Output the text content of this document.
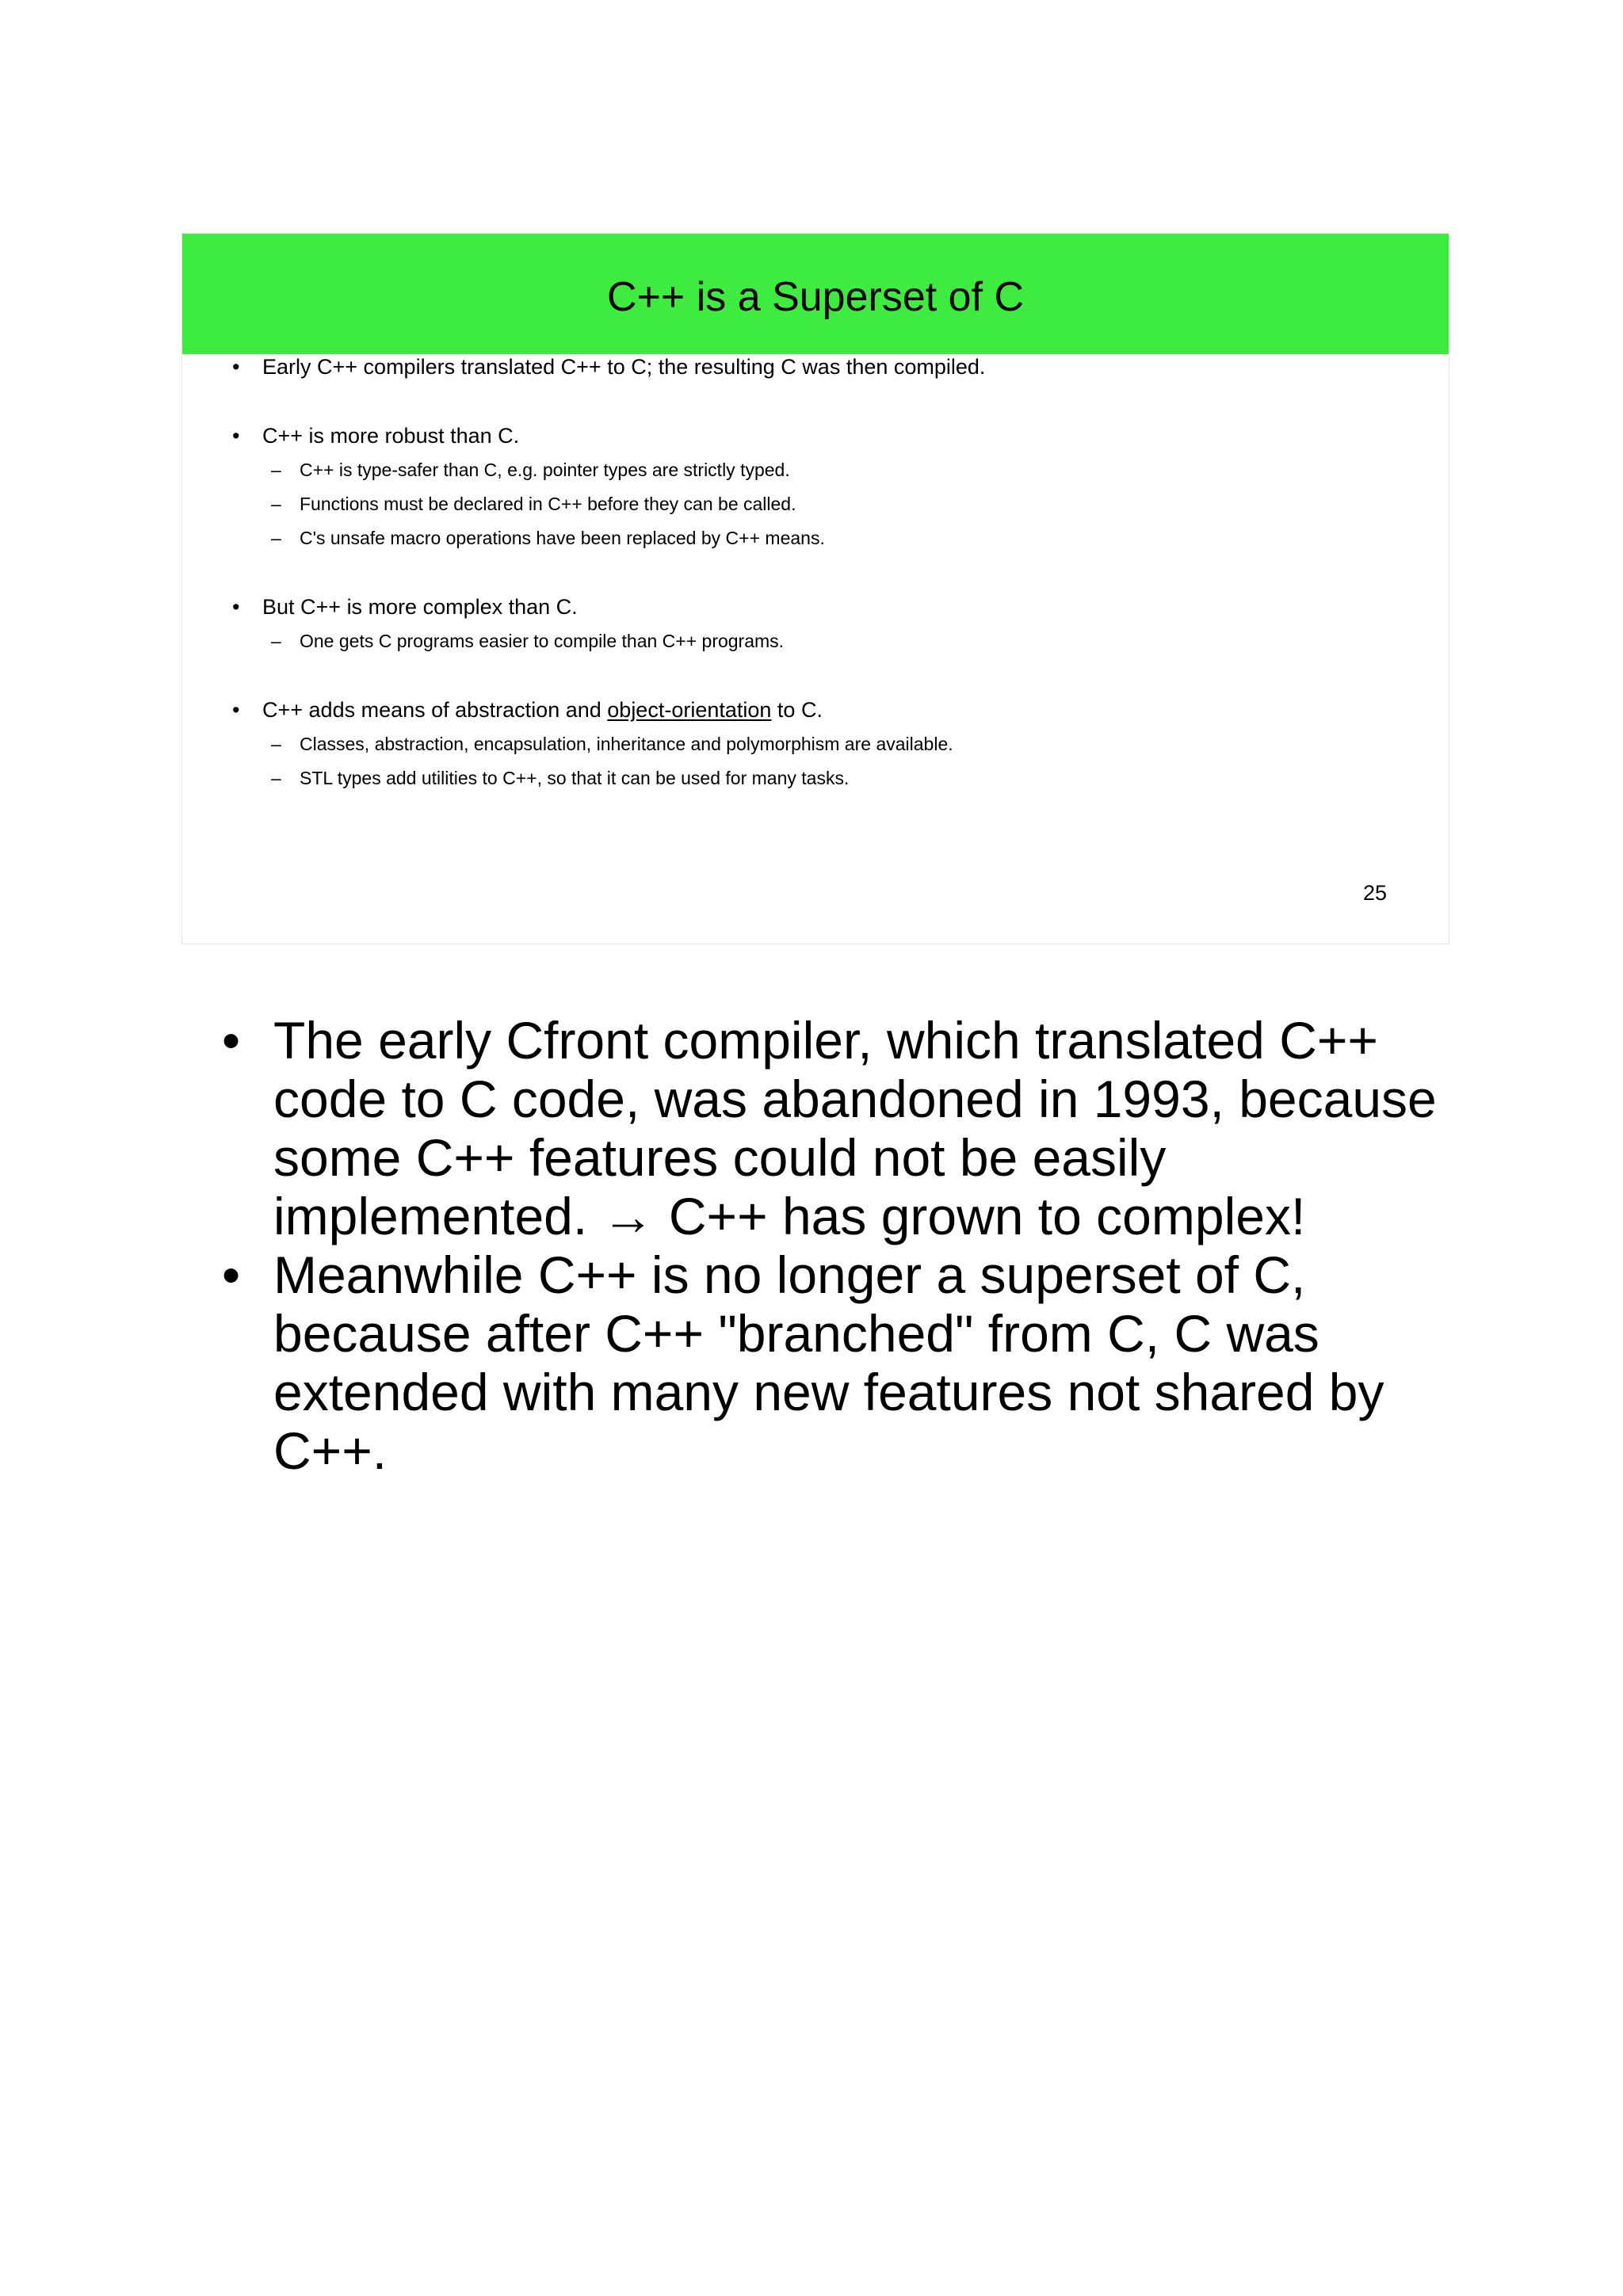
C++ is a Superset of C
• Early C++ compilers translated C++ to C; the resulting C was then compiled.
• C++ is more robust than C.
– C++ is type-safer than C, e.g. pointer types are strictly typed.
– Functions must be declared in C++ before they can be called.
– C's unsafe macro operations have been replaced by C++ means.
• But C++ is more complex than C.
– One gets C programs easier to compile than C++ programs.
• C++ adds means of abstraction and object-orientation to C.
– Classes, abstraction, encapsulation, inheritance and polymorphism are available.
– STL types add utilities to C++, so that it can be used for many tasks.
25
• The early Cfront compiler, which translated C++ code to C code, was abandoned in 1993, because some C++ features could not be easily implemented. → C++ has grown to complex!
• Meanwhile C++ is no longer a superset of C, because after C++ "branched" from C, C was extended with many new features not shared by C++.
